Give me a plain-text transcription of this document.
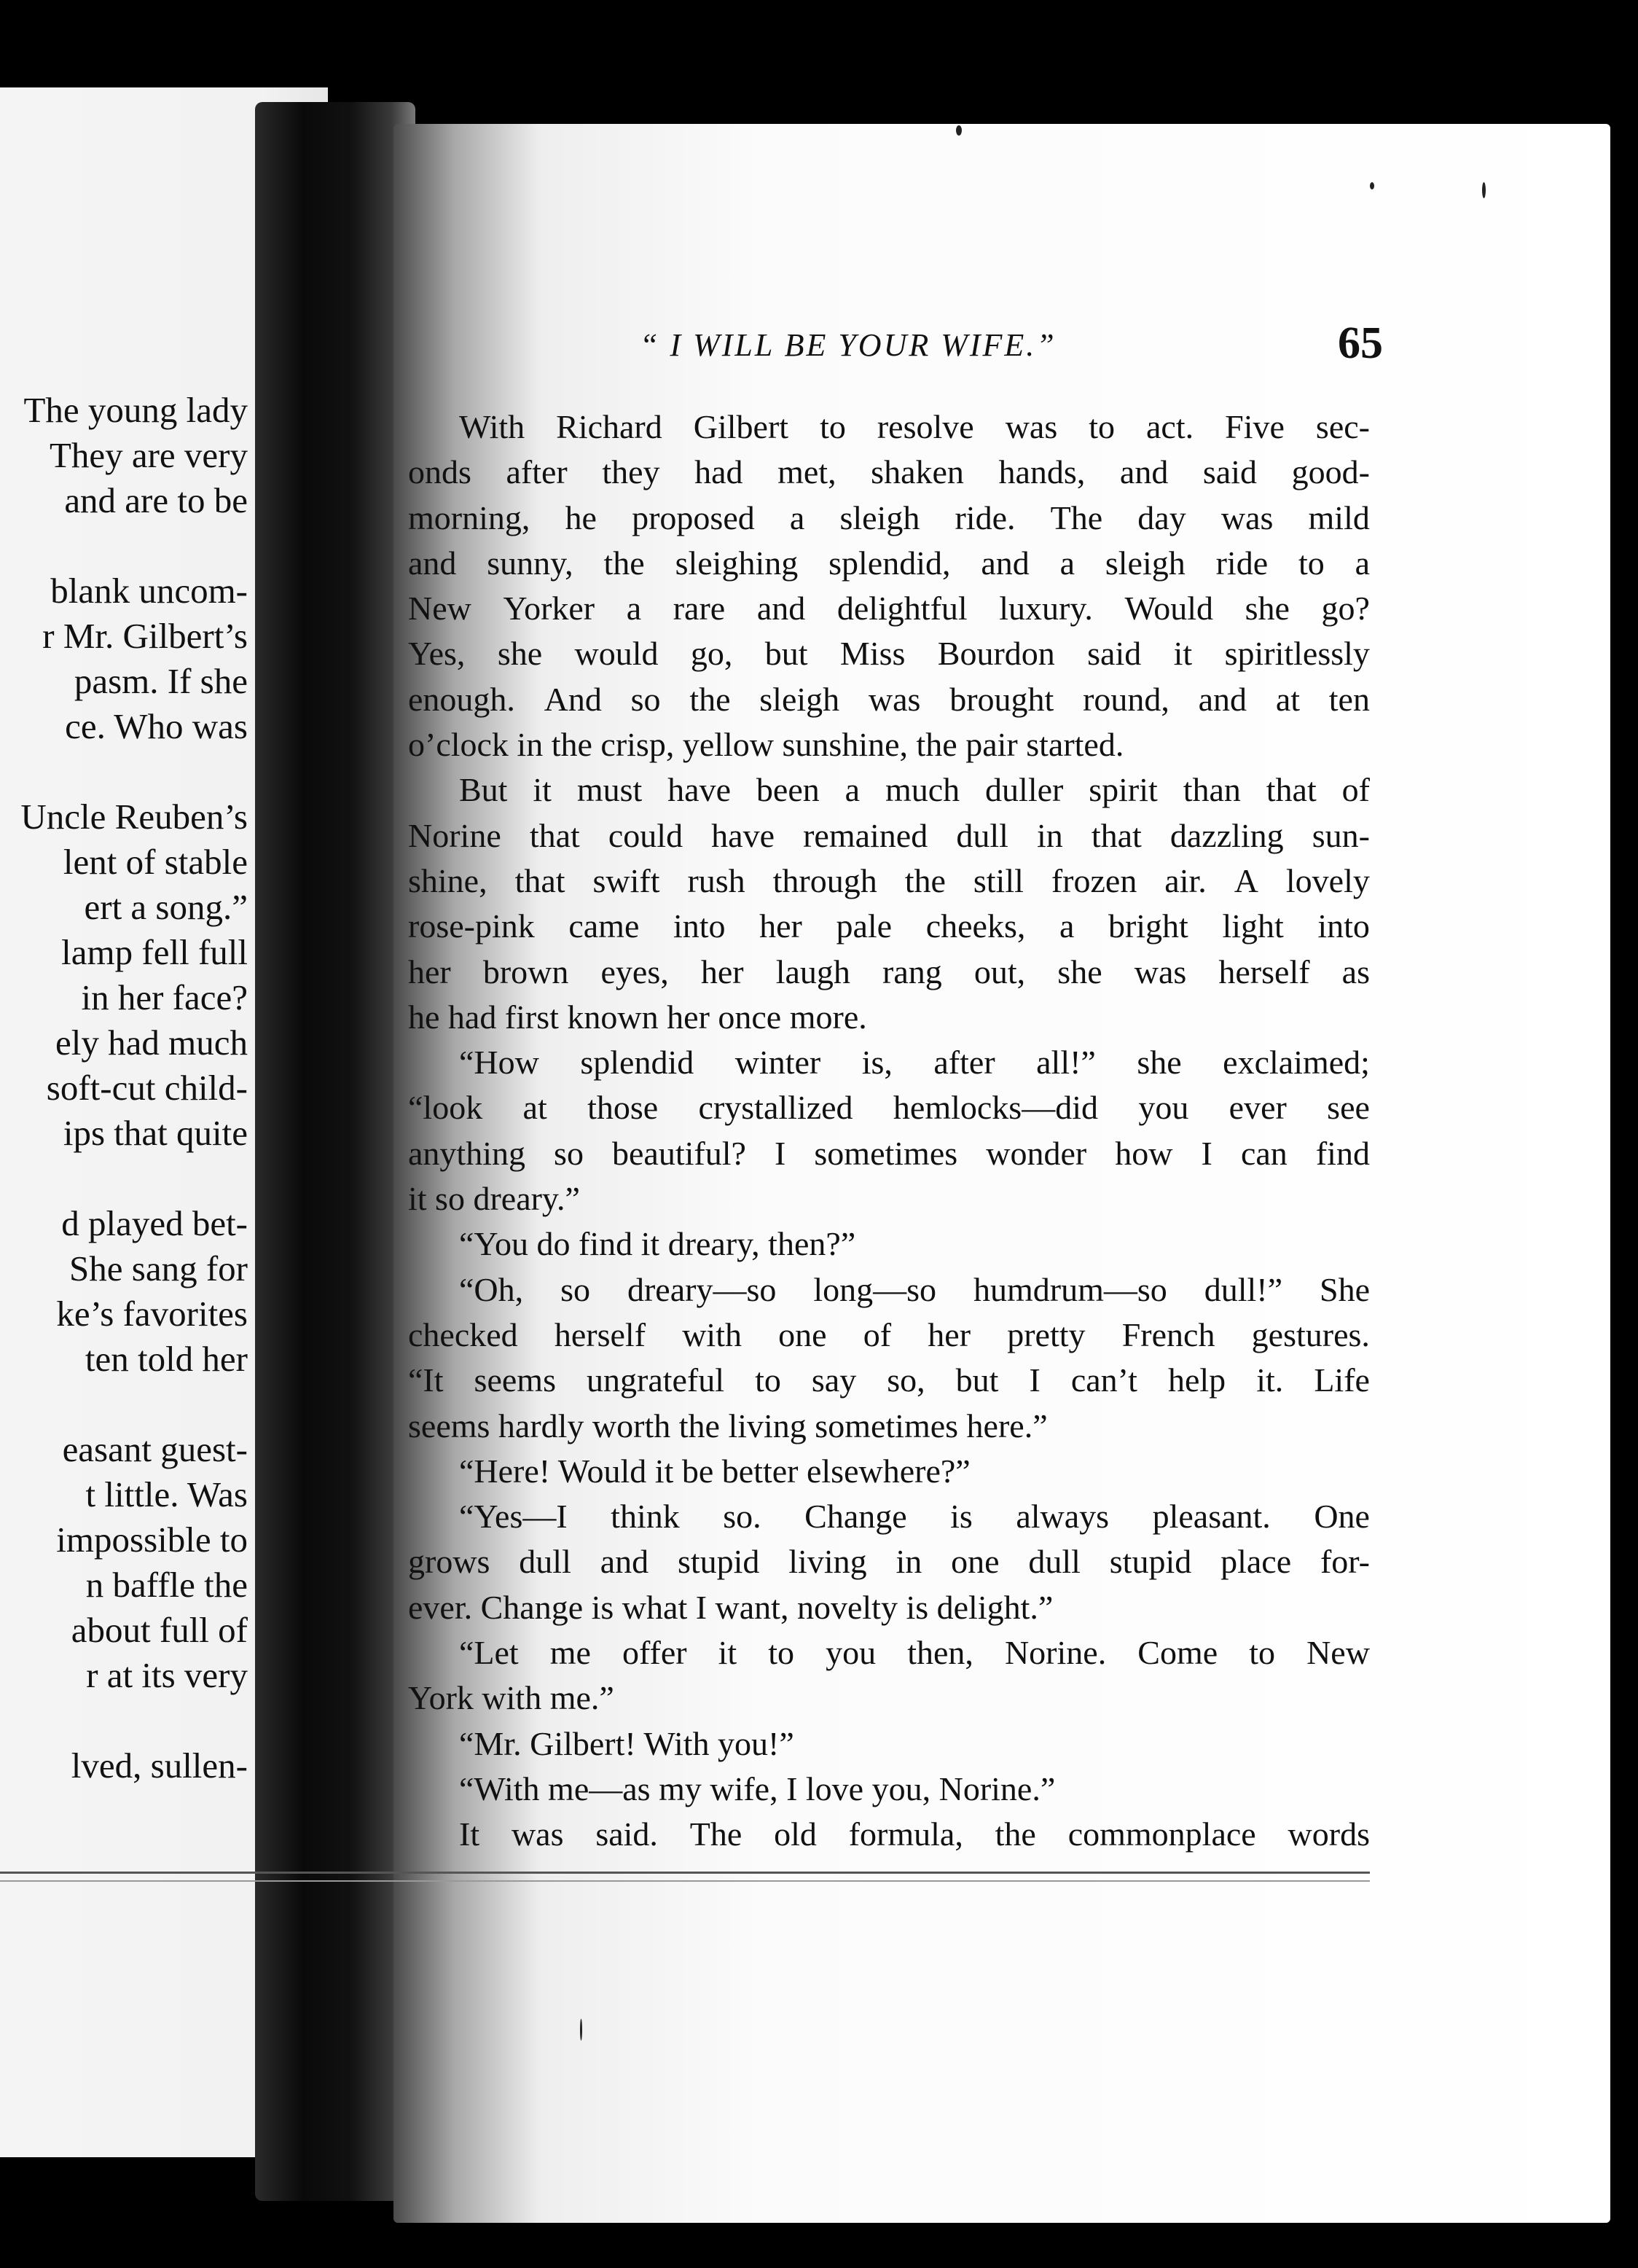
The young lady
They are very
and are to be
blank uncom-
r Mr. Gilbert’s
pasm. If she
ce. Who was
Uncle Reuben’s
lent of stable
ert a song.”
lamp fell full
in her face?
ely had much
soft-cut child-
ips that quite
d played bet-
She sang for
ke’s favorites
ten told her
easant guest-
t little. Was
impossible to
n baffle the
about full of
r at its very
lved, sullen-
“ I WILL BE YOUR WIFE.”	65
With Richard Gilbert to resolve was to act. Five sec-
onds after they had met, shaken hands, and said good-
morning, he proposed a sleigh ride. The day was mild
and sunny, the sleighing splendid, and a sleigh ride to a
New Yorker a rare and delightful luxury. Would she go?
Yes, she would go, but Miss Bourdon said it spiritlessly
enough. And so the sleigh was brought round, and at ten
o’clock in the crisp, yellow sunshine, the pair started.
But it must have been a much duller spirit than that of
Norine that could have remained dull in that dazzling sun-
shine, that swift rush through the still frozen air. A lovely
rose-pink came into her pale cheeks, a bright light into
her brown eyes, her laugh rang out, she was herself as
he had first known her once more.
“How splendid winter is, after all!” she exclaimed;
“look at those crystallized hemlocks—did you ever see
anything so beautiful? I sometimes wonder how I can find
it so dreary.”
“You do find it dreary, then?”
“Oh, so dreary—so long—so humdrum—so dull!” She
checked herself with one of her pretty French gestures.
“It seems ungrateful to say so, but I can’t help it. Life
seems hardly worth the living sometimes here.”
“Here! Would it be better elsewhere?”
“Yes—I think so. Change is always pleasant. One
grows dull and stupid living in one dull stupid place for-
ever. Change is what I want, novelty is delight.”
“Let me offer it to you then, Norine. Come to New
York with me.”
“Mr. Gilbert! With you!”
“With me—as my wife, I love you, Norine.”
It was said. The old formula, the commonplace words
